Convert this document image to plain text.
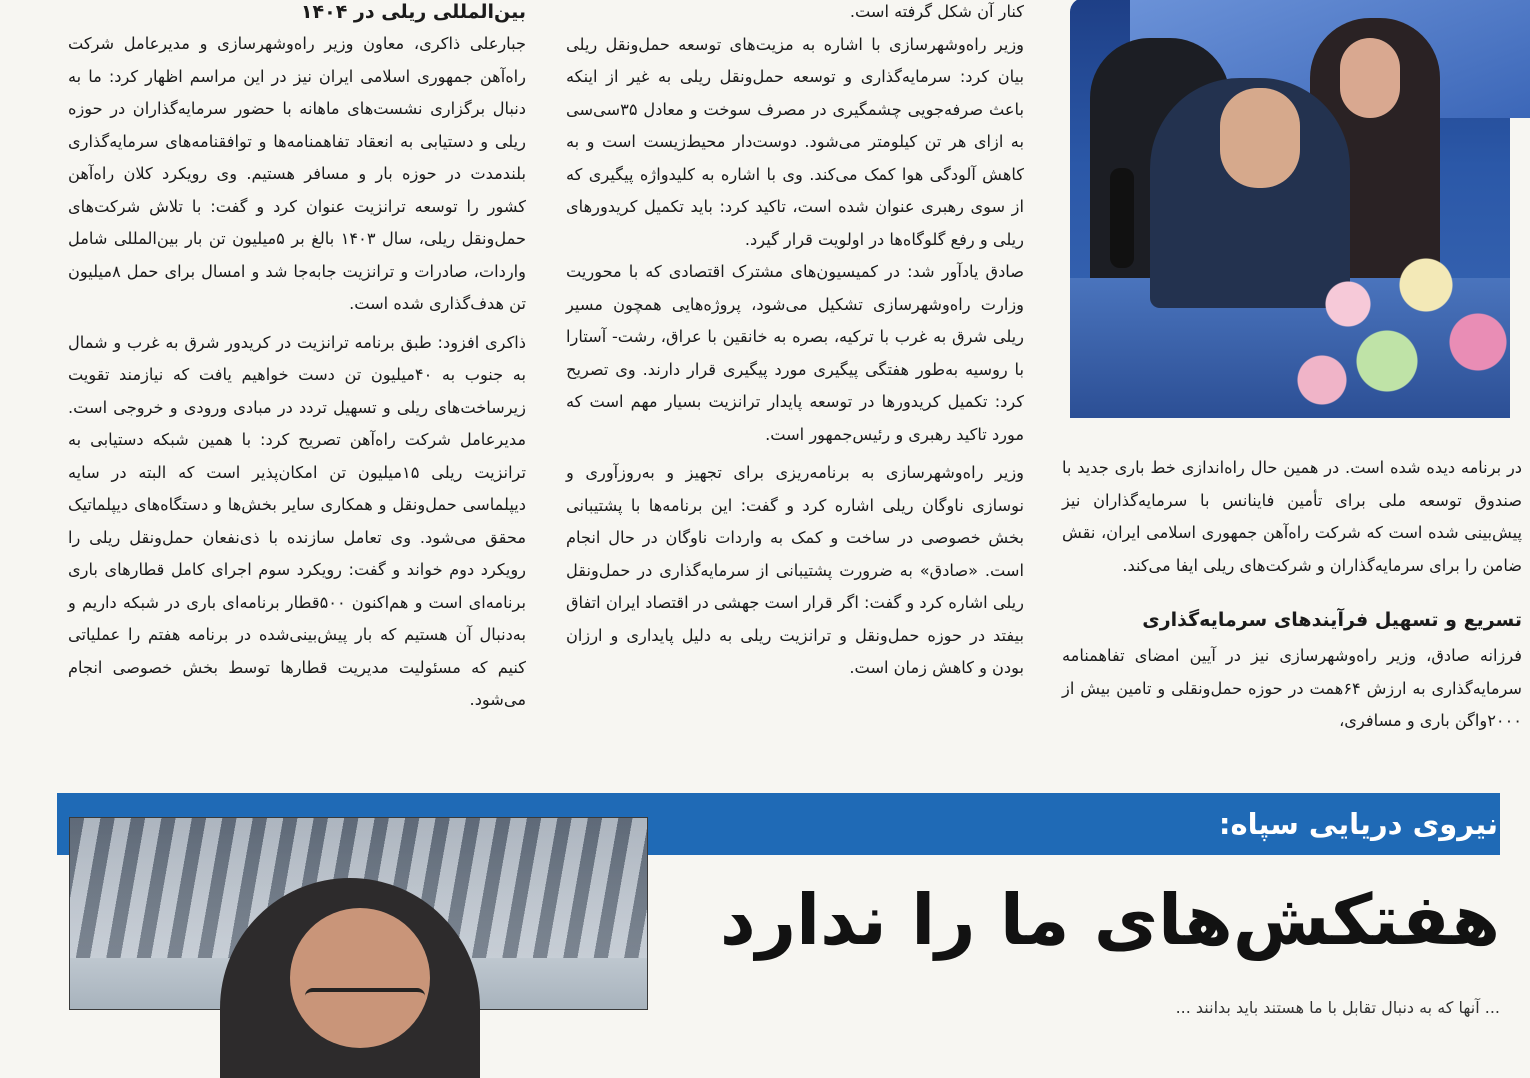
بین‌المللی ریلی در ۱۴۰۴

جبارعلی ذاکری، معاون وزیر راه‌وشهرسازی و مدیرعامل شرکت راه‌آهن جمهوری اسلامی ایران نیز در این مراسم اظهار کرد: ما به دنبال برگزاری نشست‌های ماهانه با حضور سرمایه‌گذاران در حوزه ریلی و دستیابی به انعقاد تفاهمنامه‌ها و توافقنامه‌های سرمایه‌گذاری بلندمدت در حوزه بار و مسافر هستیم. وی رویکرد کلان راه‌آهن کشور را توسعه ترانزیت عنوان کرد و گفت: با تلاش شرکت‌های حمل‌ونقل ریلی، سال ۱۴۰۳ بالغ بر ۵میلیون تن بار بین‌المللی شامل واردات، صادرات و ترانزیت جابه‌جا شد و امسال برای حمل ۸میلیون تن هدف‌گذاری شده است.

ذاکری افزود: طبق برنامه ترانزیت در کریدور شرق به غرب و شمال به جنوب به ۴۰میلیون تن دست خواهیم یافت که نیازمند تقویت زیرساخت‌های ریلی و تسهیل تردد در مبادی ورودی و خروجی است. مدیرعامل شرکت راه‌آهن تصریح کرد: با همین شبکه دستیابی به ترانزیت ریلی ۱۵میلیون تن امکان‌پذیر است که البته در سایه دیپلماسی حمل‌ونقل و همکاری سایر بخش‌ها و دستگاه‌های دیپلماتیک محقق می‌شود. وی تعامل سازنده با ذی‌نفعان حمل‌ونقل ریلی را رویکرد دوم خواند و گفت: رویکرد سوم اجرای کامل قطارهای باری برنامه‌ای است و هم‌اکنون ۵۰۰قطار برنامه‌ای باری در شبکه داریم و به‌دنبال آن هستیم که بار پیش‌بینی‌شده در برنامه هفتم را عملیاتی کنیم که مسئولیت مدیریت قطارها توسط بخش خصوصی انجام می‌شود.

کنار آن شکل گرفته است.

وزیر راه‌وشهرسازی با اشاره به مزیت‌های توسعه حمل‌ونقل ریلی بیان کرد: سرمایه‌گذاری و توسعه حمل‌ونقل ریلی به غیر از اینکه باعث صرفه‌جویی چشمگیری در مصرف سوخت و معادل ۳۵سی‌سی به ازای هر تن کیلومتر می‌شود. دوست‌دار محیط‌زیست است و به کاهش آلودگی هوا کمک می‌کند. وی با اشاره به کلیدواژه پیگیری که از سوی رهبری عنوان شده است، تاکید کرد: باید تکمیل کریدورهای ریلی و رفع گلوگاه‌ها در اولویت قرار گیرد.

صادق یادآور شد: در کمیسیون‌های مشترک اقتصادی که با محوریت وزارت راه‌وشهرسازی تشکیل می‌شود، پروژه‌هایی همچون مسیر ریلی شرق به غرب با ترکیه، بصره به خانقین با عراق، رشت- آستارا با روسیه به‌طور هفتگی پیگیری مورد پیگیری قرار دارند. وی تصریح کرد: تکمیل کریدورها در توسعه پایدار ترانزیت بسیار مهم است که مورد تاکید رهبری و رئیس‌جمهور است.

وزیر راه‌وشهرسازی به برنامه‌ریزی برای تجهیز و به‌روزآوری و نوسازی ناوگان ریلی اشاره کرد و گفت: این برنامه‌ها با پشتیبانی بخش خصوصی در ساخت و کمک به واردات ناوگان در حال انجام است. «صادق» به ضرورت پشتیبانی از سرمایه‌گذاری در حمل‌ونقل ریلی اشاره کرد و گفت: اگر قرار است جهشی در اقتصاد ایران اتفاق بیفتد در حوزه حمل‌ونقل و ترانزیت ریلی به دلیل پایداری و ارزان بودن و کاهش زمان است.

در برنامه دیده شده است. در همین حال راه‌اندازی خط باری جدید با صندوق توسعه ملی برای تأمین فاینانس با سرمایه‌گذاران نیز پیش‌بینی شده است که شرکت راه‌آهن جمهوری اسلامی ایران، نقش ضامن را برای سرمایه‌گذاران و شرکت‌های ریلی ایفا می‌کند.

تسریع و تسهیل فرآیندهای سرمایه‌گذاری

فرزانه صادق، وزیر راه‌وشهرسازی نیز در آیین امضای تفاهمنامه سرمایه‌گذاری به ارزش ۶۴همت در حوزه حمل‌ونقلی و تامین بیش از ۲۰۰۰واگن باری و مسافری،

نیروی دریایی سپاه:
هفتکش‌های ما را ندارد
... آنها که به دنبال تقابل با ما هستند باید بدانند ...
